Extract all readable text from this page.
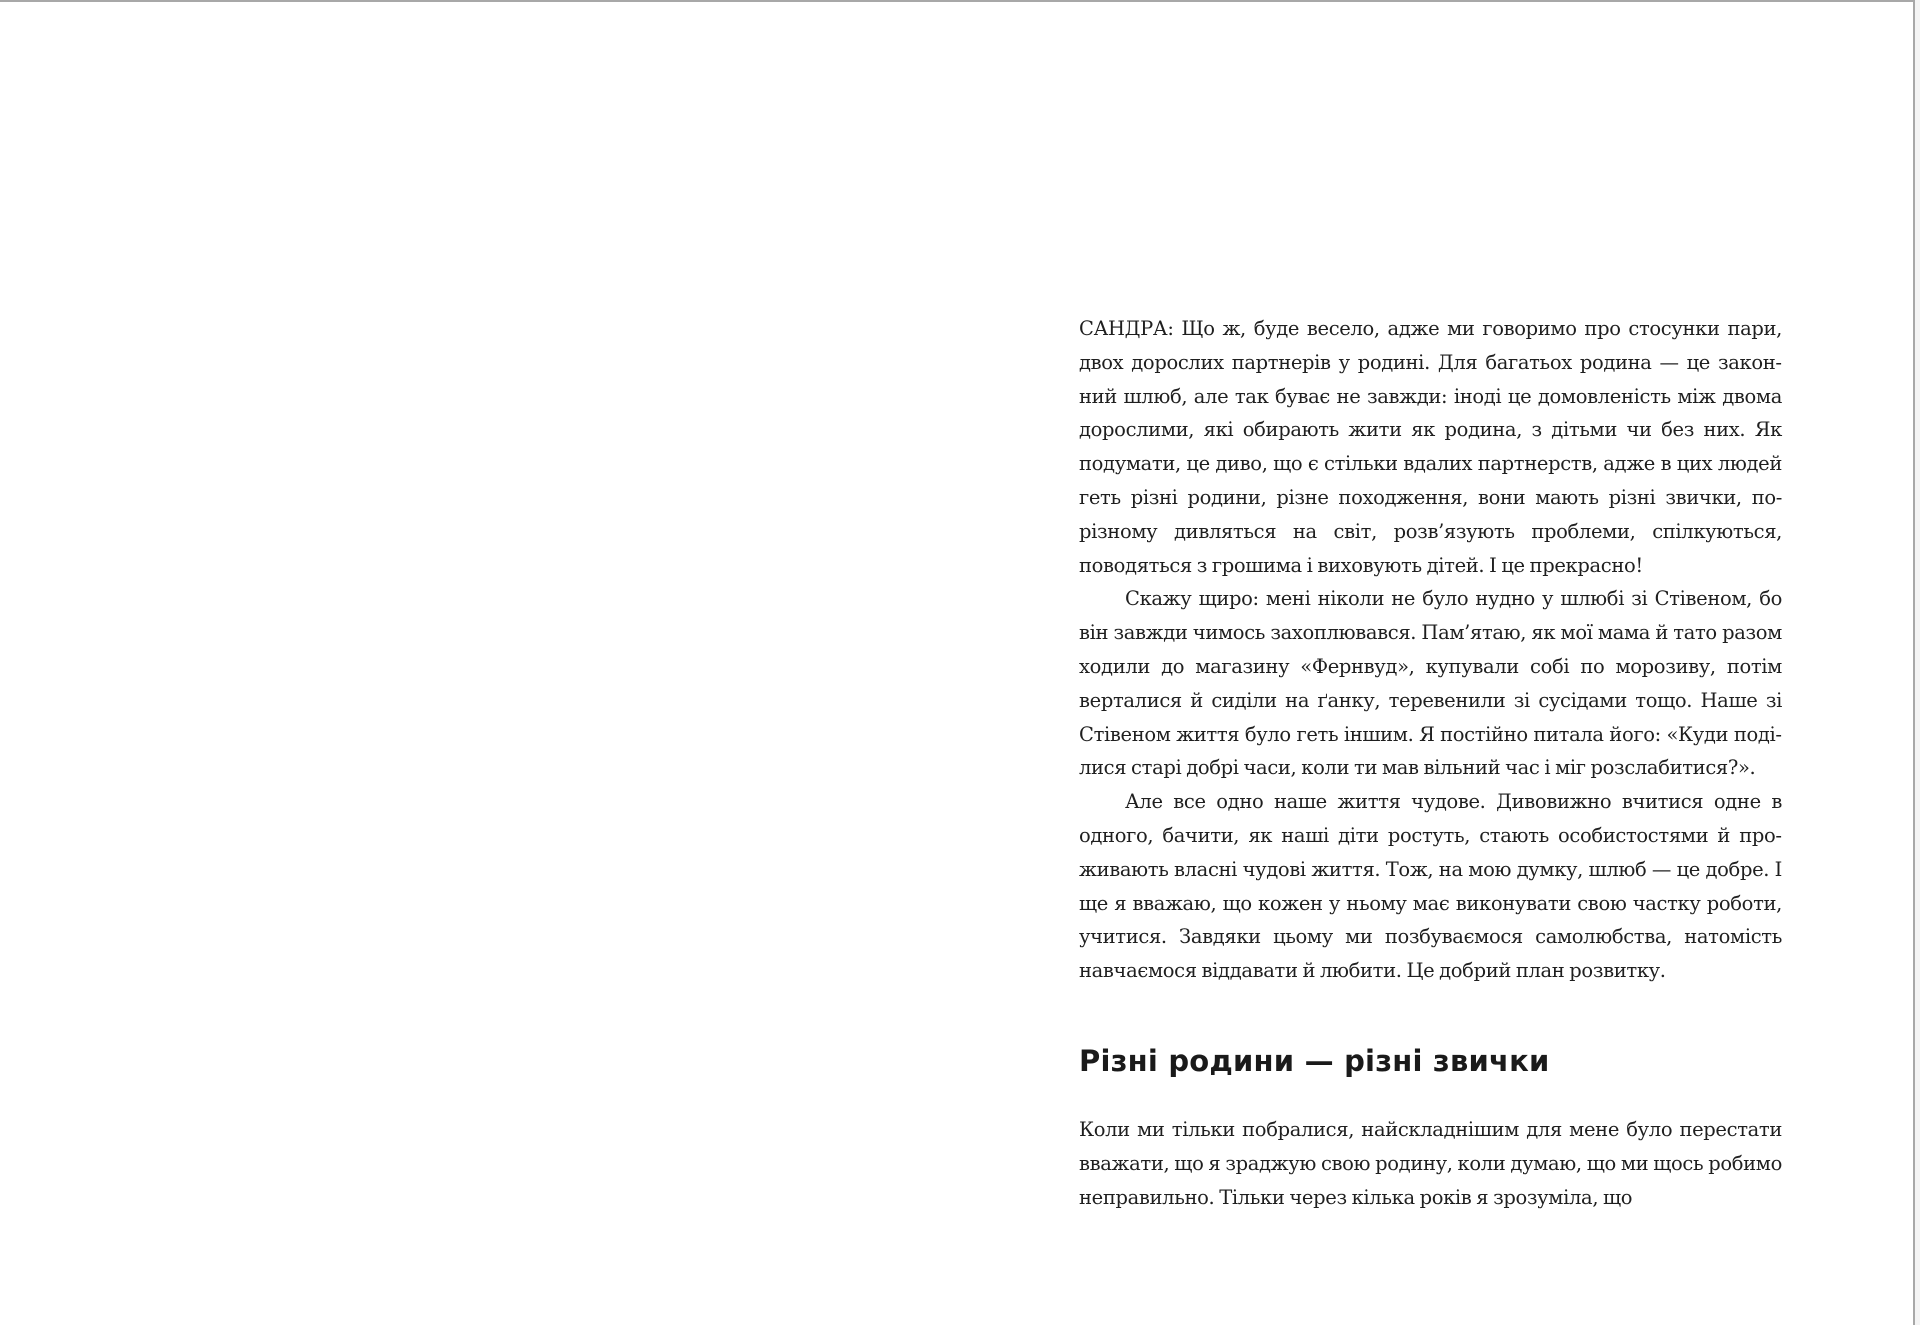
САНДРА: Що ж, буде весело, адже ми говоримо про стосунки пари, двох дорослих партнерів у родині. Для багатьох родина — це законний шлюб, але так буває не завжди: іноді це домовленість між двома дорослими, які обирають жити як родина, з дітьми чи без них. Як подумати, це диво, що є стільки вдалих партнерств, адже в цих людей геть різні родини, різне походження, вони мають різні звички, по-різному дивляться на світ, розв’язують проблеми, спілкуються, поводяться з грошима і виховують дітей. І це прекрасно!

Скажу щиро: мені ніколи не було нудно у шлюбі зі Стівеном, бо він завжди чимось захоплювався. Пам’ятаю, як мої мама й тато разом ходили до магазину «Фернвуд», купували собі по морозиву, потім верталися й сиділи на ґанку, теревенили зі сусідами тощо. Наше зі Стівеном життя було геть іншим. Я постійно питала його: «Куди поділися старі добрі часи, коли ти мав вільний час і міг розслабитися?».

Але все одно наше життя чудове. Дивовижно вчитися одне в одного, бачити, як наші діти ростуть, стають особистостями й проживають власні чудові життя. Тож, на мою думку, шлюб — це добре. І ще я вважаю, що кожен у ньому має виконувати свою частку роботи, учитися. Завдяки цьому ми позбуваємося самолюбства, натомість навчаємося віддавати й любити. Це добрий план розвитку.

Різні родини — різні звички

Коли ми тільки побралися, найскладнішим для мене було перестати вважати, що я зраджую свою родину, коли думаю, що ми щось робимо неправильно. Тільки через кілька років я зрозуміла, що
